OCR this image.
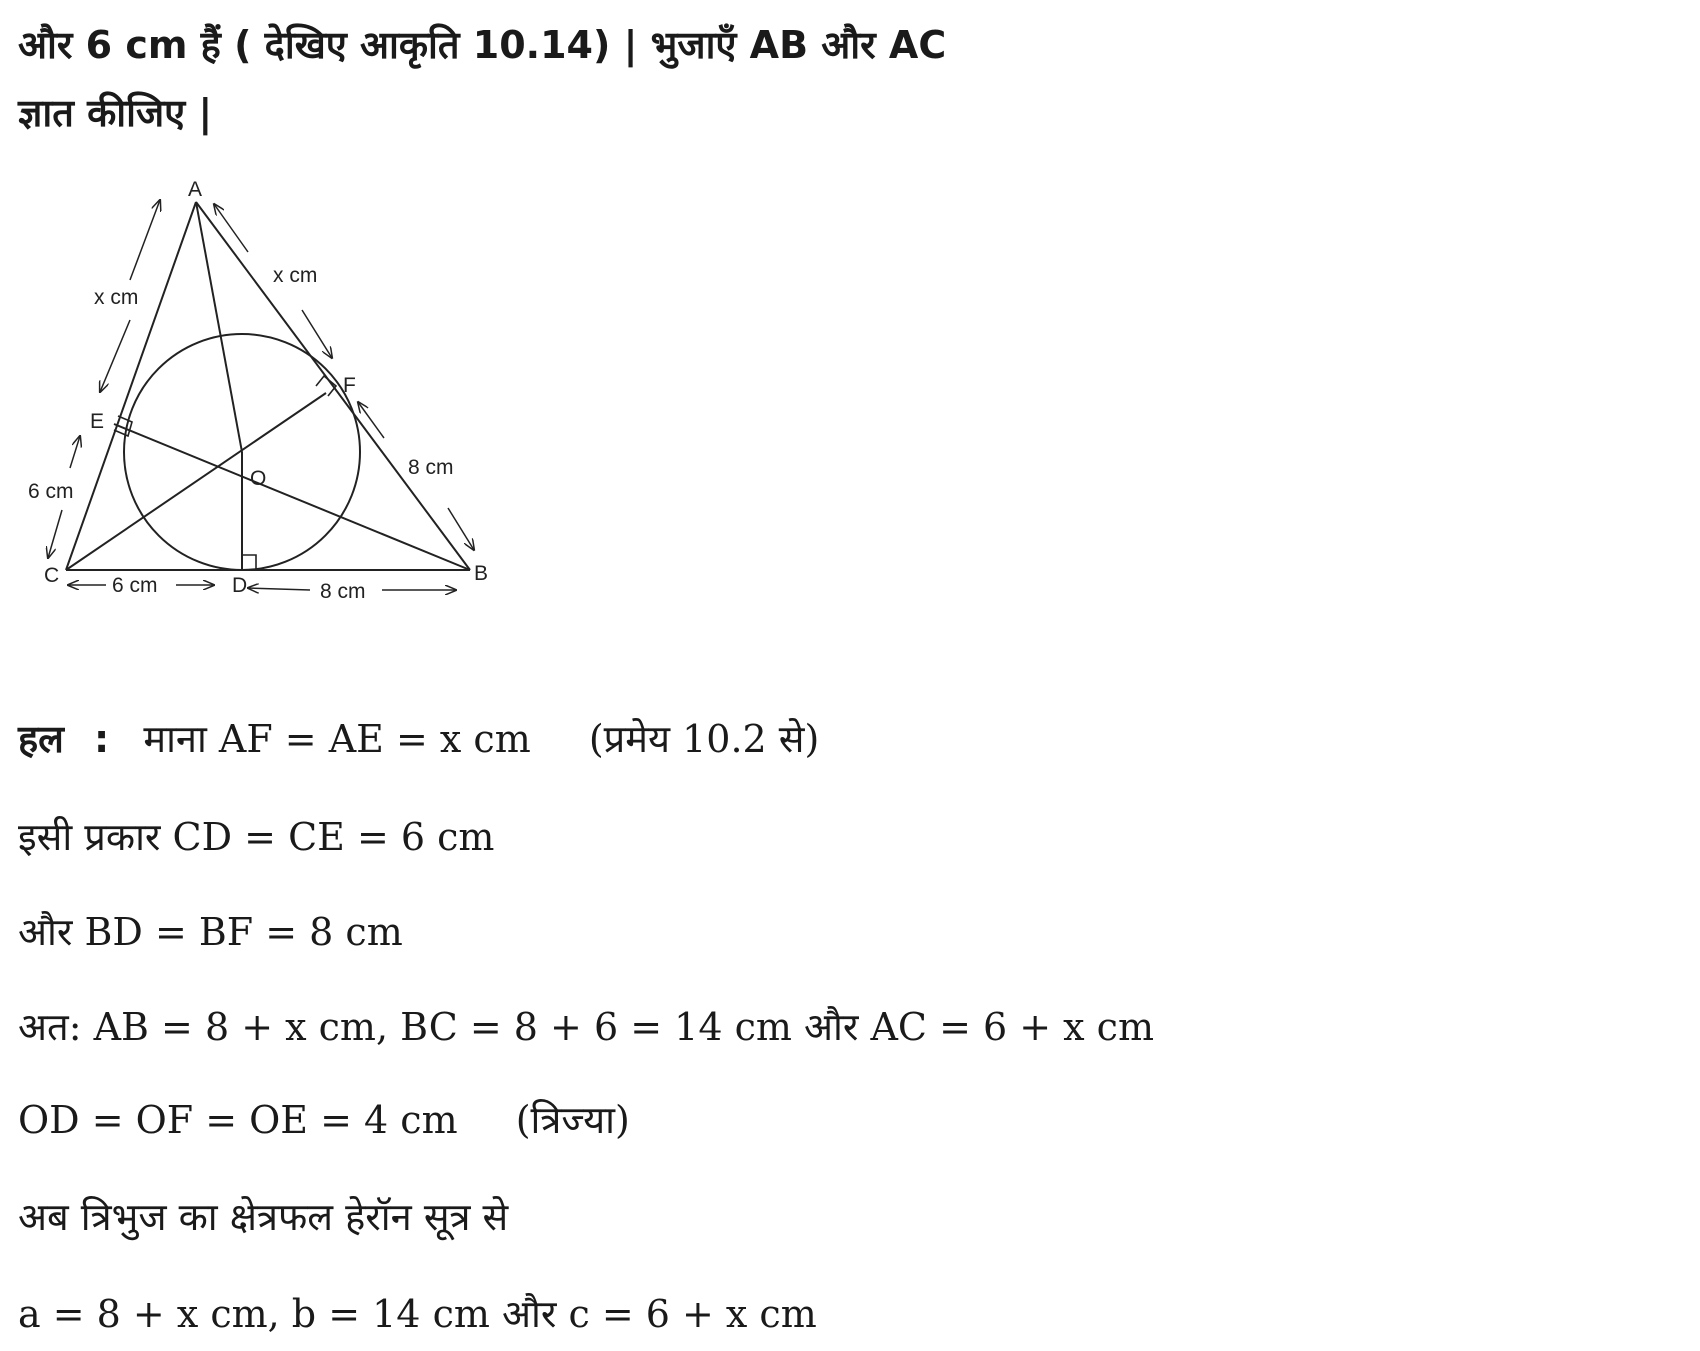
और 6 cm हैं ( देखिए आकृति 10.14) | भुजाएँ AB और AC
ज्ञात कीजिए |
A
B
C	D
E
F
O
x cm
x cm
6 cm
8 cm
6 cm	8 cm
हल : माना AF = AE = x cm (प्रमेय 10.2 से)
इसी प्रकार CD = CE = 6 cm
और BD = BF = 8 cm
अत: AB = 8 + x cm, BC = 8 + 6 = 14 cm और AC = 6 + x cm
OD = OF = OE = 4 cm (त्रिज्या)
अब त्रिभुज का क्षेत्रफल हेरॉन सूत्र से
a = 8 + x cm, b = 14 cm और c = 6 + x cm
